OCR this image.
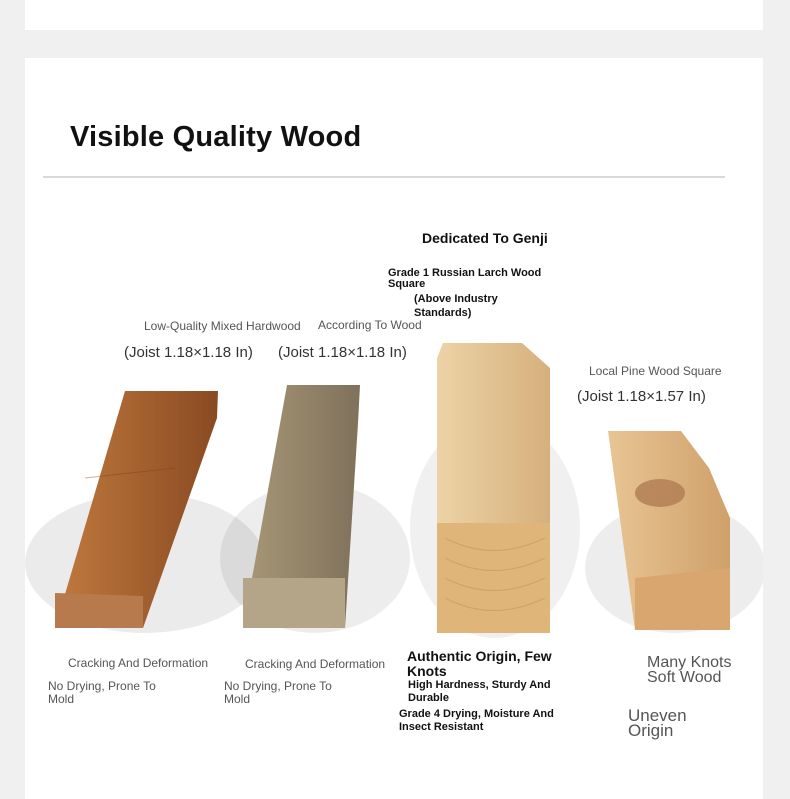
Visible Quality Wood
Low-Quality Mixed Hardwood
(Joist 1.18×1.18 In)
According To Wood
(Joist 1.18×1.18 In)
Dedicated To Genji
Grade 1 Russian Larch Wood Square
(Above Industry Standards)
Local Pine Wood Square
(Joist 1.18×1.57 In)
Cracking And Deformation
No Drying, Prone To Mold
Cracking And Deformation
No Drying, Prone To Mold
Authentic Origin, Few Knots
High Hardness, Sturdy And Durable
Grade 4 Drying, Moisture And Insect Resistant
Many Knots Soft Wood
Uneven Origin
